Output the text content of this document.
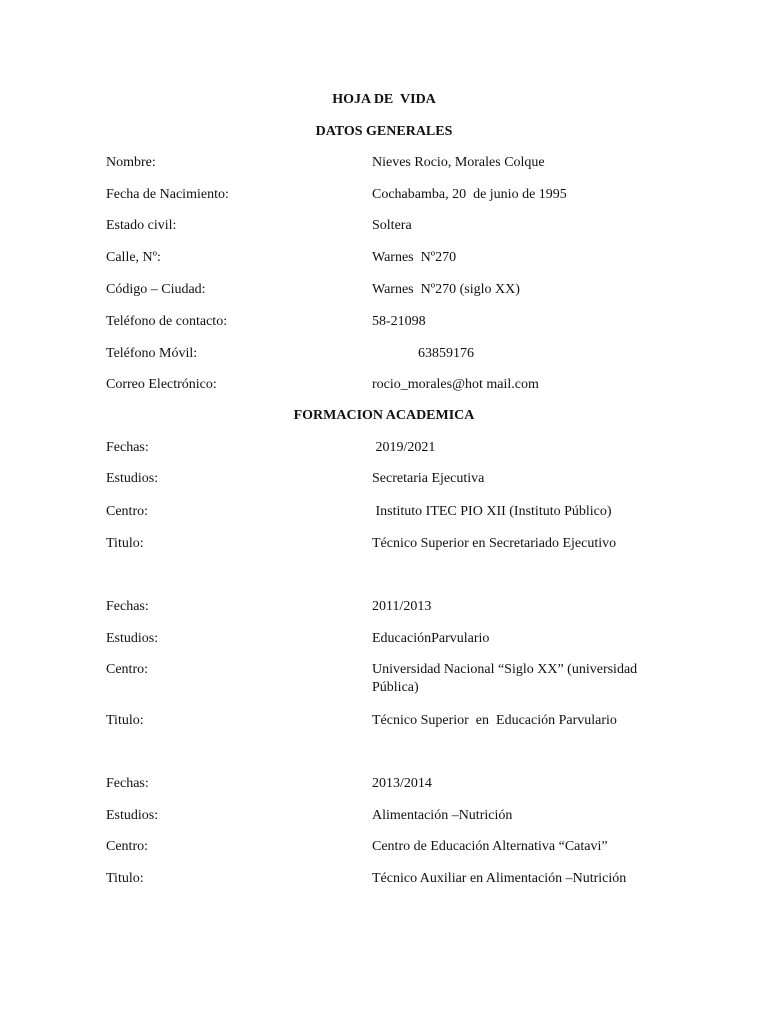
HOJA DE  VIDA
DATOS GENERALES
Nombre:	Nieves Rocio, Morales Colque
Fecha de Nacimiento:	Cochabamba, 20  de junio de 1995
Estado civil:	Soltera
Calle, Nº:	Warnes  Nº270
Código – Ciudad:	Warnes  Nº270 (siglo XX)
Teléfono de contacto:	58-21098
Teléfono Móvil:	63859176
Correo Electrónico:	rocio_morales@hot mail.com
FORMACION ACADEMICA
Fechas:	2019/2021
Estudios:	Secretaria Ejecutiva
Centro:	Instituto ITEC PIO XII (Instituto Público)
Titulo:	Técnico Superior en Secretariado Ejecutivo
Fechas:	2011/2013
Estudios:	EducaciónParvulario
Centro:	Universidad Nacional “Siglo XX” (universidad Pública)
Titulo:	Técnico Superior  en  Educación Parvulario
Fechas:	2013/2014
Estudios:	Alimentación –Nutrición
Centro:	Centro de Educación Alternativa “Catavi”
Titulo:	Técnico Auxiliar en Alimentación –Nutrición
